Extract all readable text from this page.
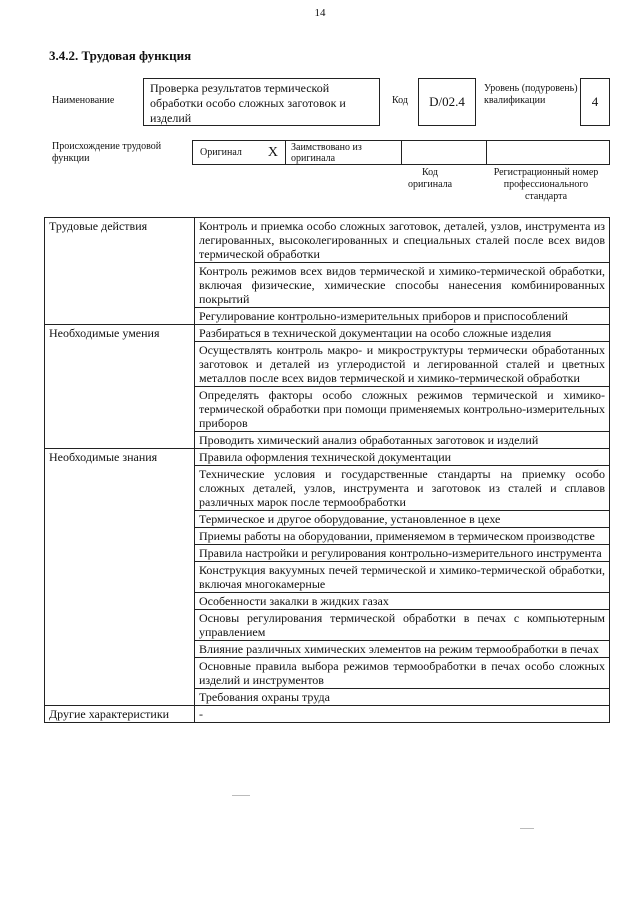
14
3.4.2. Трудовая функция
Наименование
Проверка результатов термической обработки особо сложных заготовок и изделий
Код	D/02.4
Уровень (подуровень) квалификации	4
Происхождение трудовой функции
Оригинал X	Заимствовано из оригинала
Код оригинала
Регистрационный номер профессионального стандарта
Трудовые действия	Контроль и приемка особо сложных заготовок, деталей, узлов, инструмента из легированных, высоколегированных и специальных сталей после всех видов термической обработки
	Контроль режимов всех видов термической и химико-термической обработки, включая физические, химические способы нанесения комбинированных покрытий
	Регулирование контрольно-измерительных приборов и приспособлений
Необходимые умения	Разбираться в технической документации на особо сложные изделия
	Осуществлять контроль макро- и микроструктуры термически обработанных заготовок и деталей из углеродистой и легированной сталей и цветных металлов после всех видов термической и химико-термической обработки
	Определять факторы особо сложных режимов термической и химико-термической обработки при помощи применяемых контрольно-измерительных приборов
	Проводить химический анализ обработанных заготовок и изделий
Необходимые знания	Правила оформления технической документации
	Технические условия и государственные стандарты на приемку особо сложных деталей, узлов, инструмента и заготовок из сталей и сплавов различных марок после термообработки
	Термическое и другое оборудование, установленное в цехе
	Приемы работы на оборудовании, применяемом в термическом производстве
	Правила настройки и регулирования контрольно-измерительного инструмента
	Конструкция вакуумных печей термической и химико-термической обработки, включая многокамерные
	Особенности закалки в жидких газах
	Основы регулирования термической обработки в печах с компьютерным управлением
	Влияние различных химических элементов на режим термообработки в печах
	Основные правила выбора режимов термообработки в печах особо сложных изделий и инструментов
	Требования охраны труда
Другие характеристики	-
